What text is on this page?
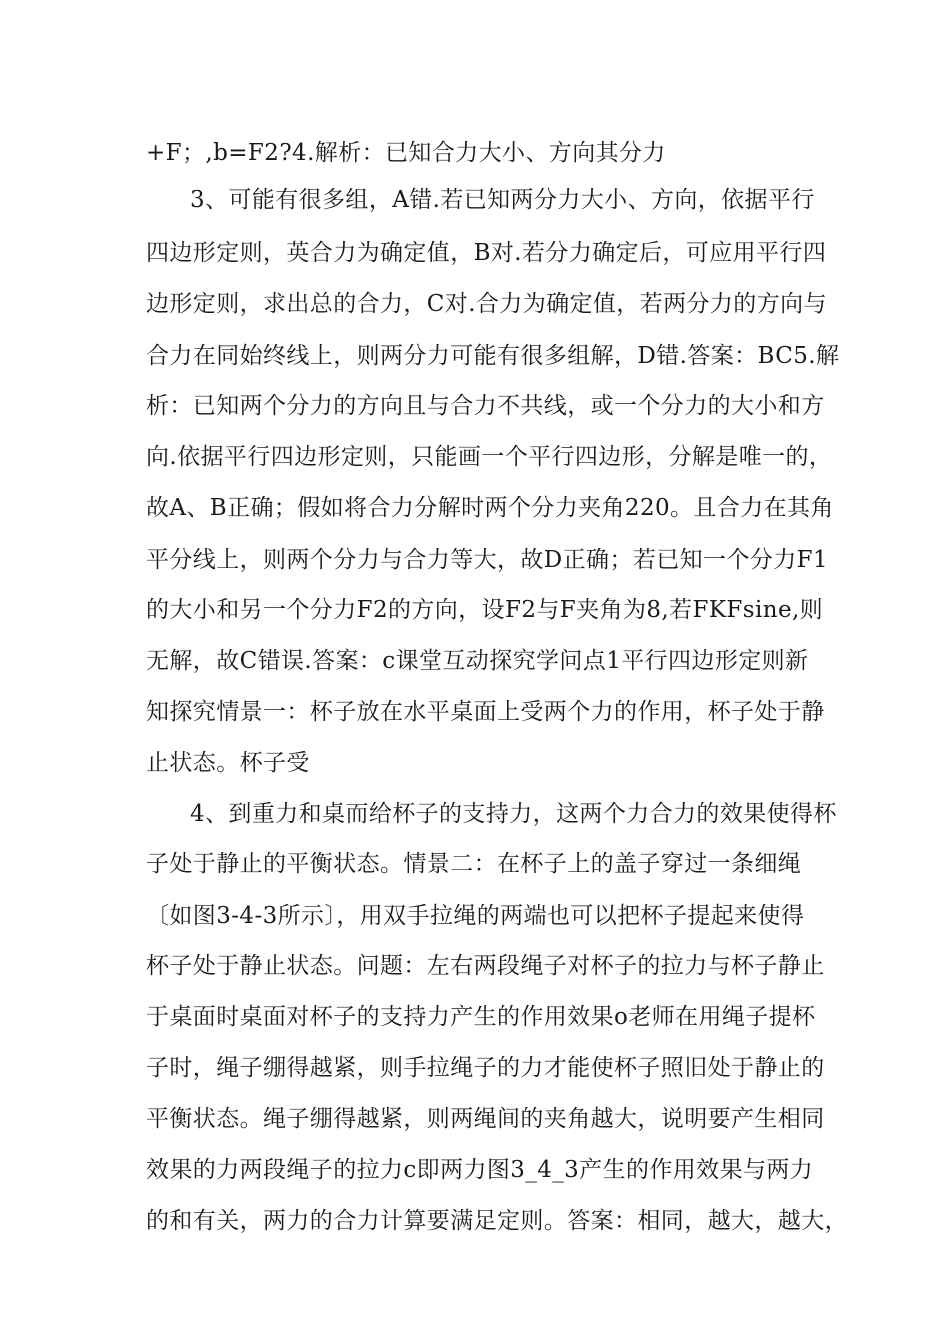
+F；,b=F2?4.解析：已知合力大小、方向其分力
3、可能有很多组，A错.若已知两分力大小、方向，依据平行
四边形定则，英合力为确定值，B对.若分力确定后，可应用平行四
边形定则，求出总的合力，C对.合力为确定值，若两分力的方向与
合力在同始终线上，则两分力可能有很多组解，D错.答案：BC5.解
析：已知两个分力的方向且与合力不共线，或一个分力的大小和方
向.依据平行四边形定则，只能画一个平行四边形，分解是唯一的，
故A、B正确；假如将合力分解时两个分力夹角220。且合力在其角
平分线上，则两个分力与合力等大，故D正确；若已知一个分力F1
的大小和另一个分力F2的方向，设F2与F夹角为8,若FKFsine,则
无解，故C错误.答案：c课堂互动探究学问点1平行四边形定则新
知探究情景一：杯子放在水平桌面上受两个力的作用，杯子处于静
止状态。杯子受
4、到重力和桌而给杯子的支持力，这两个力合力的效果使得杯
子处于静止的平衡状态。情景二：在杯子上的盖子穿过一条细绳
〔如图3-4-3所示〕，用双手拉绳的两端也可以把杯子提起来使得
杯子处于静止状态。问题：左右两段绳子对杯子的拉力与杯子静止
于桌面时桌面对杯子的支持力产生的作用效果o老师在用绳子提杯
子时，绳子绷得越紧，则手拉绳子的力才能使杯子照旧处于静止的
平衡状态。绳子绷得越紧，则两绳间的夹角越大，说明要产生相同
效果的力两段绳子的拉力c即两力图3_4_3产生的作用效果与两力
的和有关，两力的合力计算要满足定则。答案：相同，越大，越大，
